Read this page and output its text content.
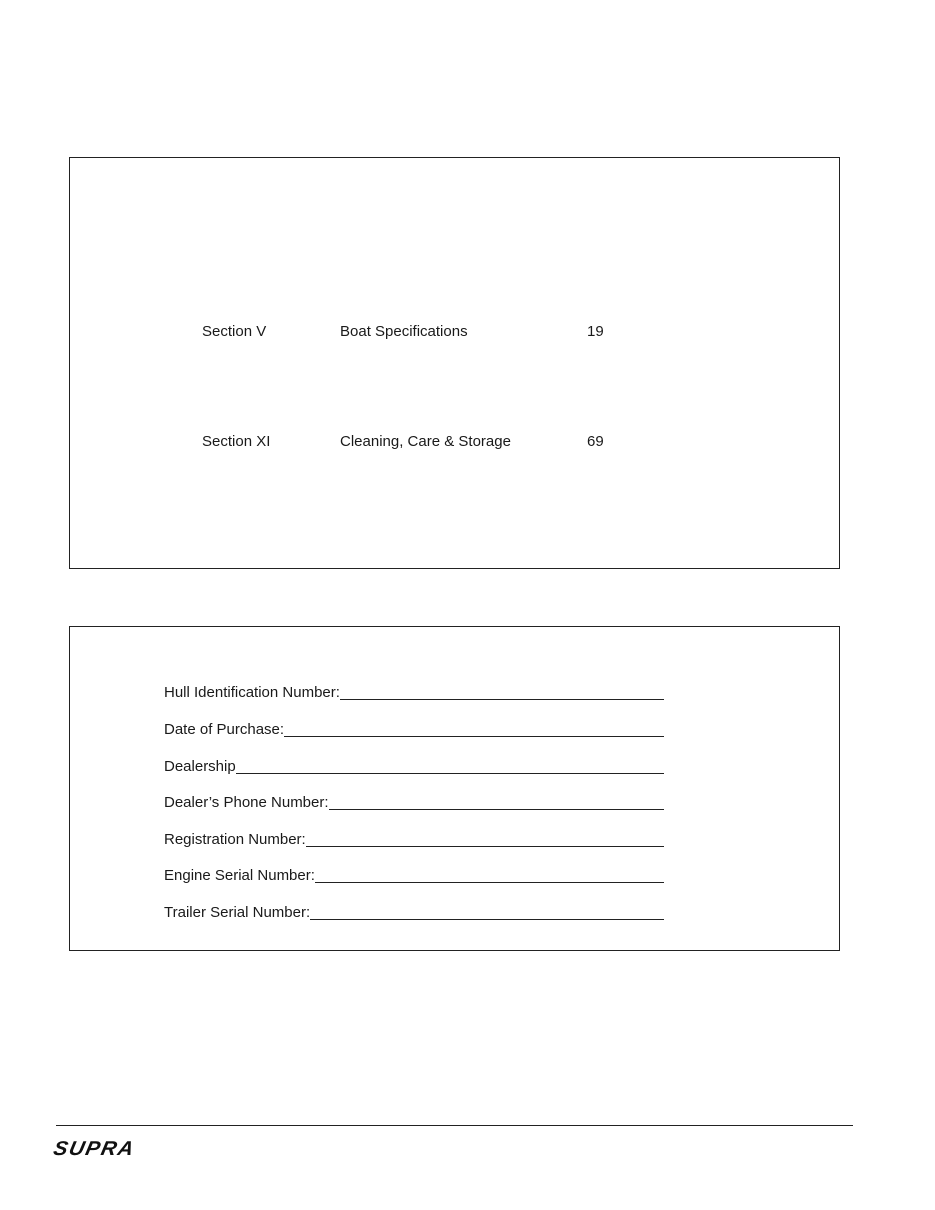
Section V	Boat Specifications	19
Section XI	Cleaning, Care & Storage	69
Hull Identification Number:
Date of Purchase:
Dealership
Dealer’s Phone Number:
Registration Number:
Engine Serial Number:
Trailer Serial Number:
SUPRA
